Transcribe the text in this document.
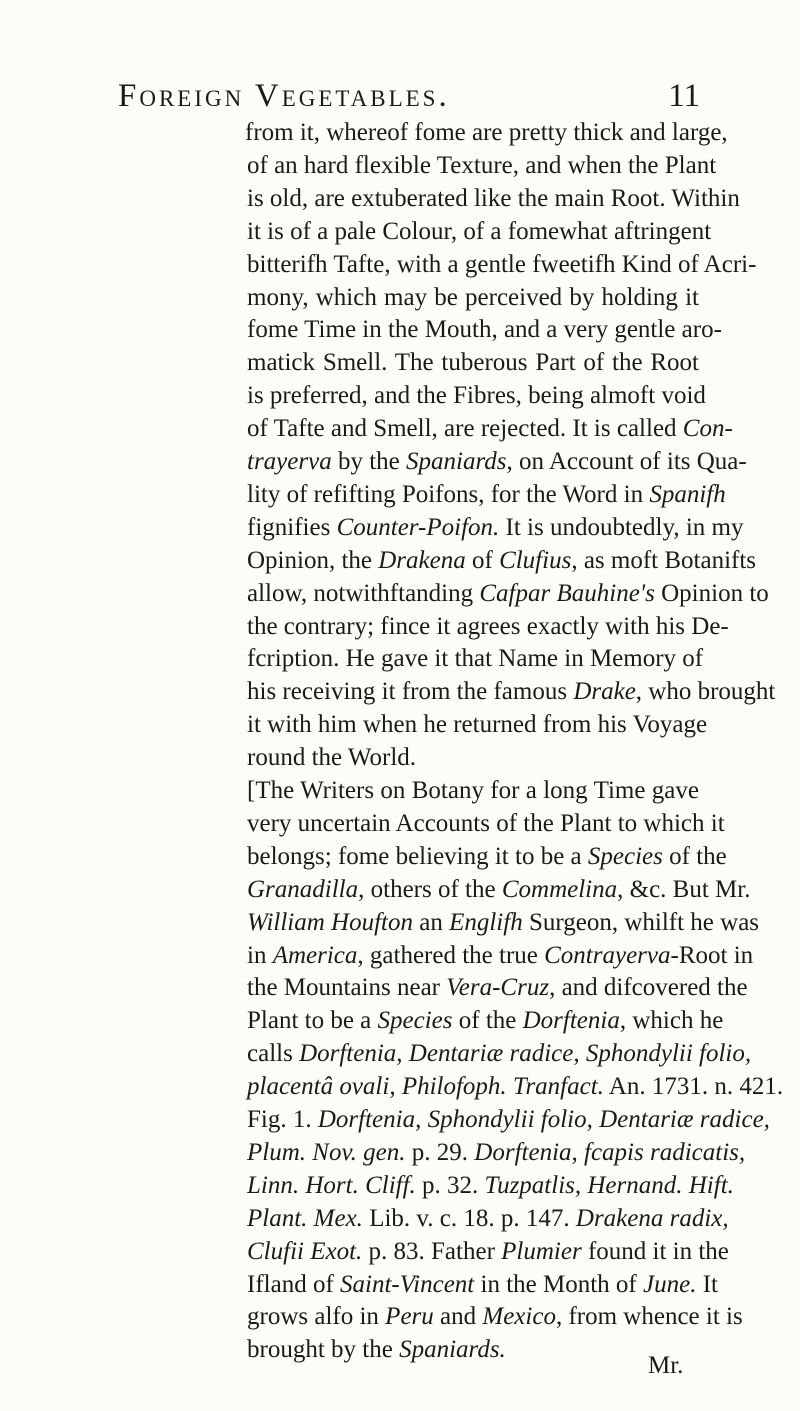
Foreign Vegetables.	11
from it, whereof fome are pretty thick and large,
of an hard flexible Texture, and when the Plant
is old, are extuberated like the main Root. Within
it is of a pale Colour, of a fomewhat aftringent
bitterifh Tafte, with a gentle fweetifh Kind of Acri-
mony, which may be perceived by holding it
fome Time in the Mouth, and a very gentle aro-
matick Smell. The tuberous Part of the Root
is preferred, and the Fibres, being almoft void
of Tafte and Smell, are rejected. It is called Con-
trayerva by the Spaniards, on Account of its Qua-
lity of refifting Poifons, for the Word in Spanifh
fignifies Counter-Poifon. It is undoubtedly, in my
Opinion, the Drakena of Clufius, as moft Botanifts
allow, notwithftanding Cafpar Bauhine's Opinion to
the contrary; fince it agrees exactly with his De-
fcription. He gave it that Name in Memory of
his receiving it from the famous Drake, who brought
it with him when he returned from his Voyage
round the World.
[The Writers on Botany for a long Time gave
very uncertain Accounts of the Plant to which it
belongs; fome believing it to be a Species of the
Granadilla, others of the Commelina, &c. But Mr.
William Houfton an Englifh Surgeon, whilft he was
in America, gathered the true Contrayerva-Root in
the Mountains near Vera-Cruz, and difcovered the
Plant to be a Species of the Dorftenia, which he
calls Dorftenia, Dentariæ radice, Sphondylii folio,
placentâ ovali, Philofoph. Tranfact. An. 1731. n. 421.
Fig. 1. Dorftenia, Sphondylii folio, Dentariæ radice,
Plum. Nov. gen. p. 29. Dorftenia, fcapis radicatis,
Linn. Hort. Cliff. p. 32. Tuzpatlis, Hernand. Hift.
Plant. Mex. Lib. v. c. 18. p. 147. Drakena radix,
Clufii Exot. p. 83. Father Plumier found it in the
Ifland of Saint-Vincent in the Month of June. It
grows alfo in Peru and Mexico, from whence it is
brought by the Spaniards.
Mr.
